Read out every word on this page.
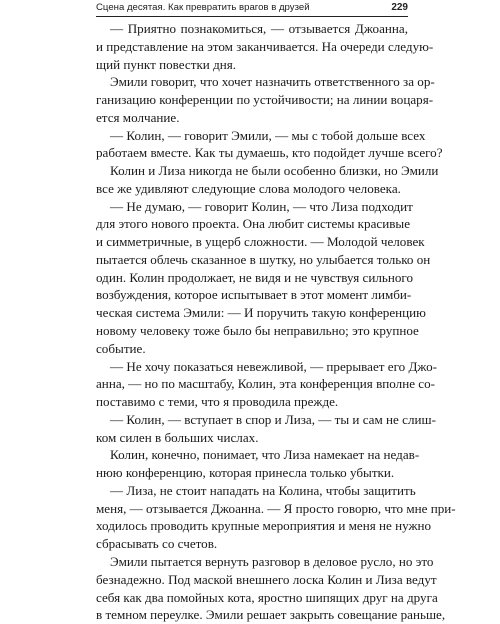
Сцена десятая. Как превратить врагов в друзей	229
— Приятно познакомиться, — отзывается Джоанна,
и представление на этом заканчивается. На очереди следую-
щий пункт повестки дня.
Эмили говорит, что хочет назначить ответственного за ор-
ганизацию конференции по устойчивости; на линии воцаря-
ется молчание.
— Колин, — говорит Эмили, — мы с тобой дольше всех
работаем вместе. Как ты думаешь, кто подойдет лучше всего?
Колин и Лиза никогда не были особенно близки, но Эмили
все же удивляют следующие слова молодого человека.
— Не думаю, — говорит Колин, — что Лиза подходит
для этого нового проекта. Она любит системы красивые
и симметричные, в ущерб сложности. — Молодой человек
пытается облечь сказанное в шутку, но улыбается только он
один. Колин продолжает, не видя и не чувствуя сильного
возбуждения, которое испытывает в этот момент лимби-
ческая система Эмили: — И поручить такую конференцию
новому человеку тоже было бы неправильно; это крупное
событие.
— Не хочу показаться невежливой, — прерывает его Джо-
анна, — но по масштабу, Колин, эта конференция вполне со-
поставимо с теми, что я проводила прежде.
— Колин, — вступает в спор и Лиза, — ты и сам не слиш-
ком силен в больших числах.
Колин, конечно, понимает, что Лиза намекает на недав-
нюю конференцию, которая принесла только убытки.
— Лиза, не стоит нападать на Колина, чтобы защитить
меня, — отзывается Джоанна. — Я просто говорю, что мне при-
ходилось проводить крупные мероприятия и меня не нужно
сбрасывать со счетов.
Эмили пытается вернуть разговор в деловое русло, но это
безнадежно. Под маской внешнего лоска Колин и Лиза ведут
себя как два помойных кота, яростно шипящих друг на друга
в темном переулке. Эмили решает закрыть совещание раньше,
